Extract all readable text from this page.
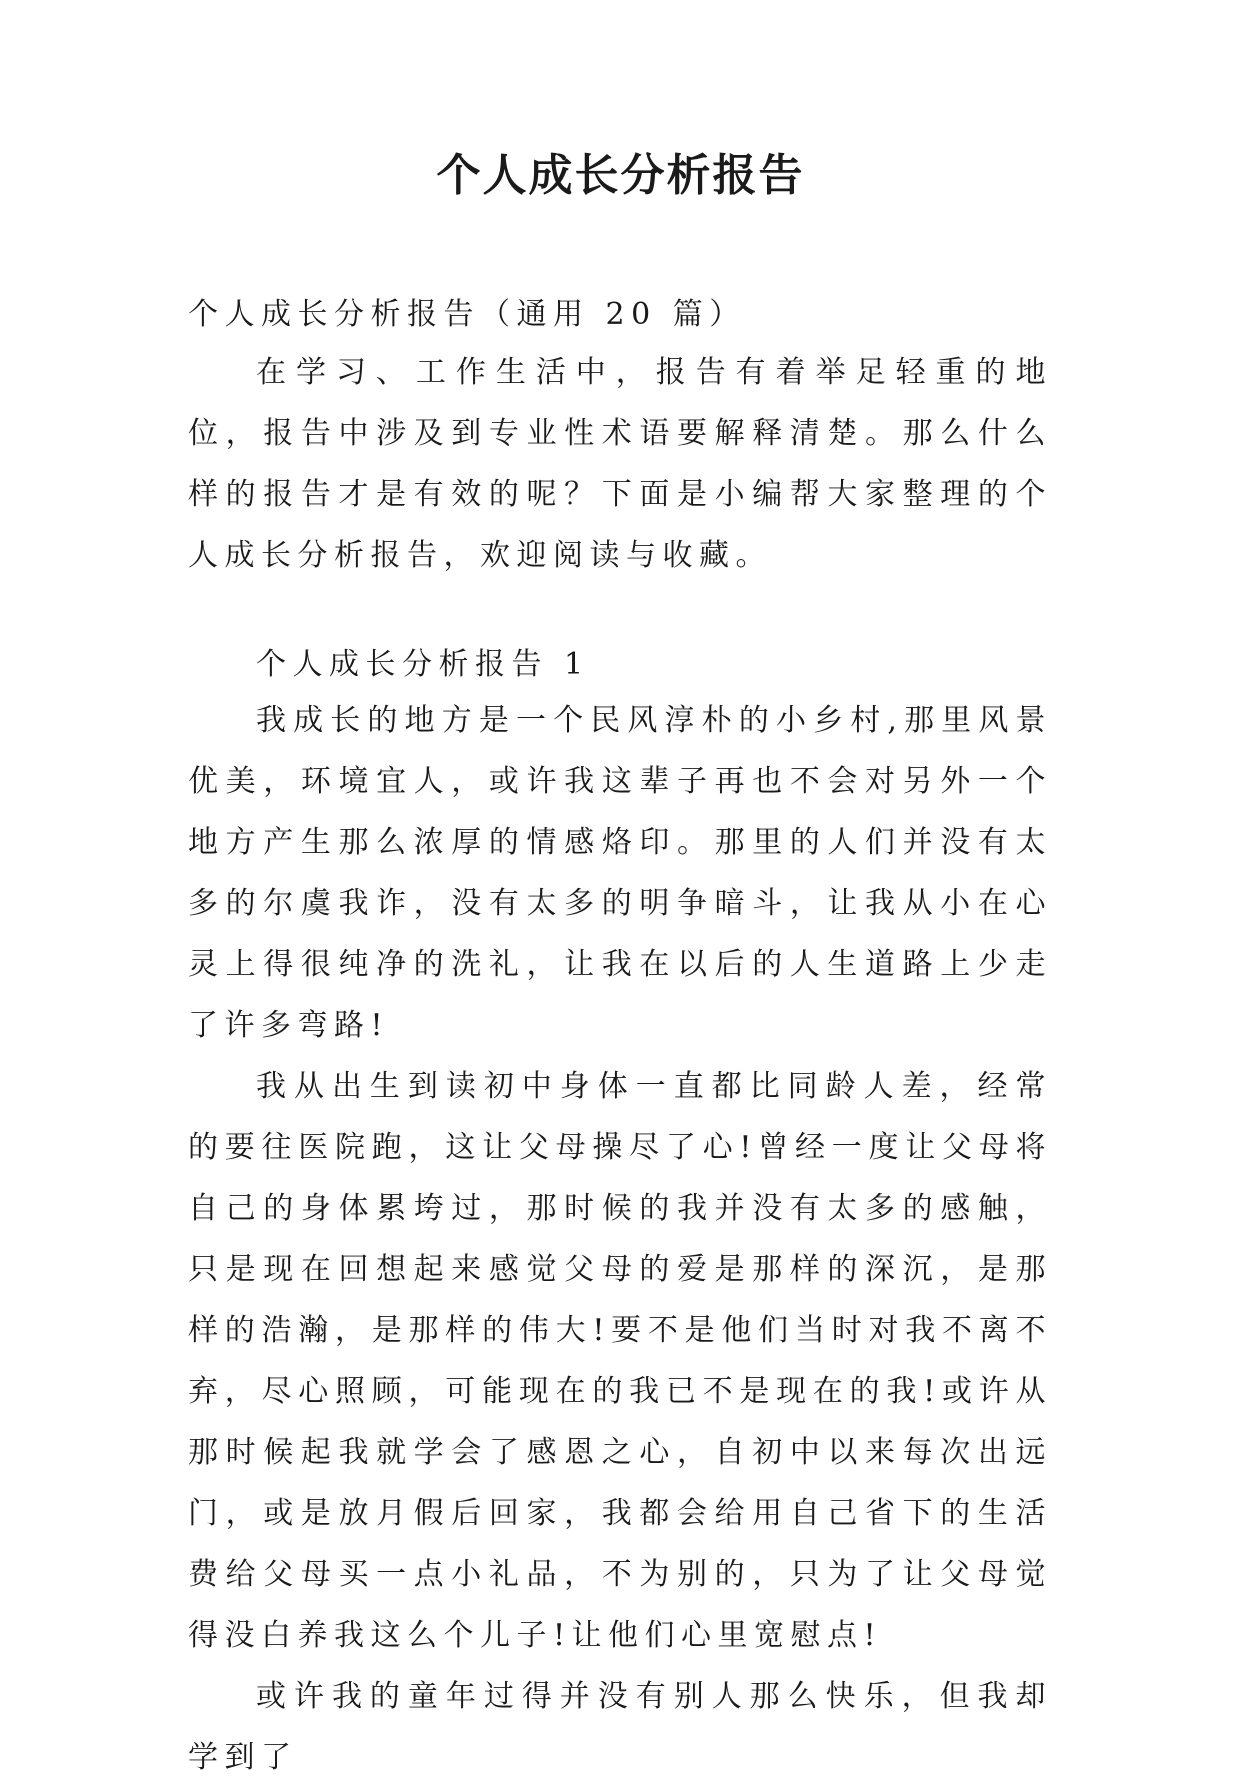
个人成长分析报告
个人成长分析报告（通用 20 篇）

在学习、工作生活中，报告有着举足轻重的地位，报告中涉及到专业性术语要解释清楚。那么什么样的报告才是有效的呢？下面是小编帮大家整理的个人成长分析报告，欢迎阅读与收藏。

个人成长分析报告 1

我成长的地方是一个民风淳朴的小乡村,那里风景优美，环境宜人，或许我这辈子再也不会对另外一个地方产生那么浓厚的情感烙印。那里的人们并没有太多的尔虞我诈，没有太多的明争暗斗，让我从小在心灵上得很纯净的洗礼，让我在以后的人生道路上少走了许多弯路!

我从出生到读初中身体一直都比同龄人差，经常的要往医院跑，这让父母操尽了心!曾经一度让父母将自己的身体累垮过，那时候的我并没有太多的感触，只是现在回想起来感觉父母的爱是那样的深沉，是那样的浩瀚，是那样的伟大!要不是他们当时对我不离不弃，尽心照顾，可能现在的我已不是现在的我!或许从那时候起我就学会了感恩之心，自初中以来每次出远门，或是放月假后回家，我都会给用自己省下的生活费给父母买一点小礼品，不为别的，只为了让父母觉得没白养我这么个儿子!让他们心里宽慰点!

或许我的童年过得并没有别人那么快乐，但我却学到了
